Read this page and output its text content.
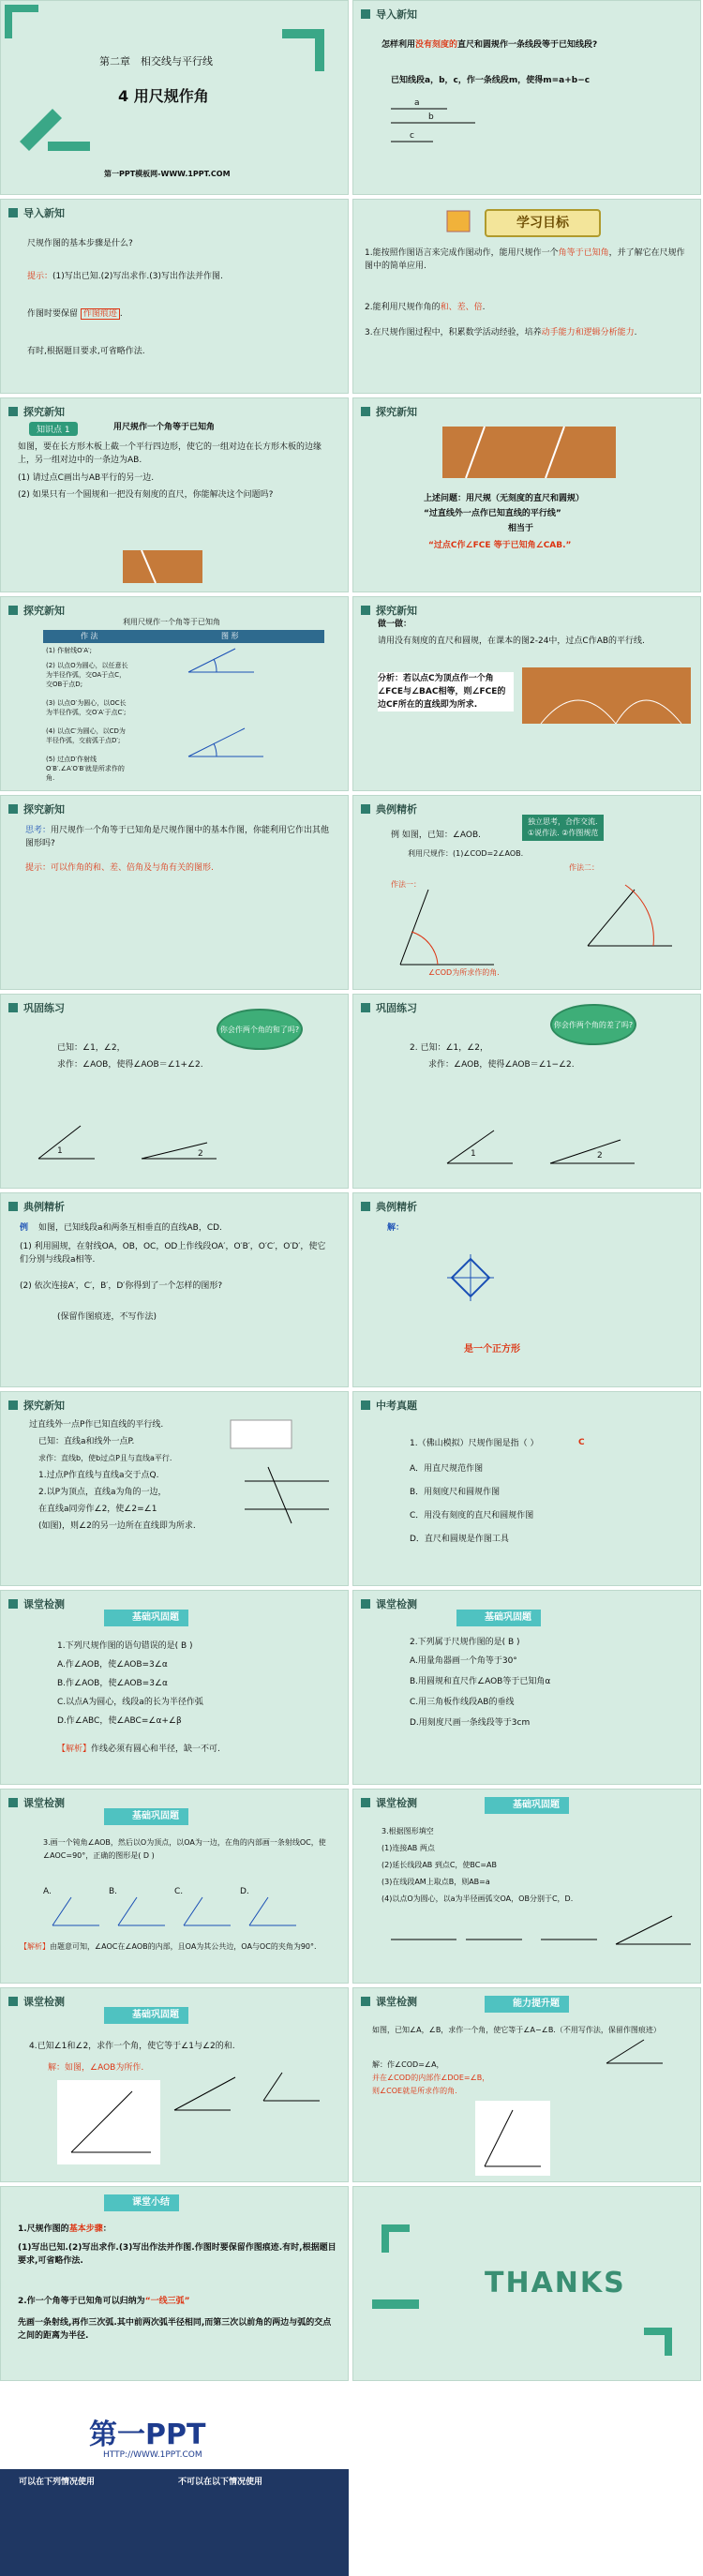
第二章　相交线与平行线
4 用尺规作角
第一PPT模板网-WWW.1PPT.COM
导入新知
怎样利用没有刻度的直尺和圆规作一条线段等于已知线段?
已知线段a，b，c，作一条线段m，使得m=a+b−c
a
b
c
导入新知
尺规作图的基本步骤是什么?
提示：(1)写出已知.(2)写出求作.(3)写出作法并作图.
作图时要保留 作图痕迹 .
有时,根据题目要求,可省略作法.
学习目标
1.能按照作图语言来完成作图动作，能用尺规作一个角等于已知角，并了解它在尺规作图中的简单应用.
2.能利用尺规作角的和、差、倍.
3.在尺规作图过程中，积累数学活动经验，培养动手能力和逻辑分析能力.
探究新知
知识点 1	用尺规作一个角等于已知角
如图，要在长方形木板上截一个平行四边形，使它的一组对边在长方形木板的边缘上，另一组对边中的一条边为AB.
(1) 请过点C画出与AB平行的另一边.
(2) 如果只有一个圆规和一把没有刻度的直尺，你能解决这个问题吗?
探究新知
上述问题：用尺规（无刻度的直尺和圆规）
“过直线外一点作已知直线的平行线”
相当于
“过点C作∠FCE 等于已知角∠CAB.”
探究新知
利用尺规作一个角等于已知角
作 法	图 形
(1) 作射线O′A′;
(2) 以点O为圆心，以任意长为半径作弧，交OA于点C，交OB于点D;
(3) 以点O′为圆心，以OC长为半径作弧，交O′A′于点C′;
(4) 以点C′为圆心，以CD为半径作弧，交前弧于点D′;
(5) 过点D′作射线O′B′.∠A′O′B′就是所求作的角.
探究新知
做一做：
请用没有刻度的直尺和圆规，在课本的图2-24中，过点C作AB的平行线.
分析：若以点C为顶点作一个角∠FCE与∠BAC相等，则∠FCE的边CF所在的直线即为所求.
探究新知
思考：用尺规作一个角等于已知角是尺规作图中的基本作图，你能利用它作出其他图形吗?
提示：可以作角的和、差、倍角及与角有关的图形.
典例精析
独立思考，合作交流.
①说作法. ②作图规范
例 如图，已知：∠AOB.
利用尺规作：(1)∠COD=2∠AOB.
作法一：
作法二：
∠COD为所求作的角.
巩固练习
你会作两个角的和了吗?
已知：∠1，∠2，
求作：∠AOB，使得∠AOB＝∠1+∠2.
1	2
巩固练习
你会作两个角的差了吗?
2. 已知：∠1，∠2，
求作：∠AOB，使得∠AOB＝∠1−∠2.
1	2
典例精析
例 如图，已知线段a和两条互相垂直的直线AB，CD.
(1) 利用圆规，在射线OA，OB，OC，OD上作线段OA′，O′B′，O′C′，O′D′，使它们分别与线段a相等.
(2) 依次连接A′，C′，B′，D′你得到了一个怎样的图形?
(保留作图痕迹，不写作法)
典例精析
解：
是一个正方形
探究新知
过直线外一点P作已知直线的平行线.
已知：直线a和线外一点P.
求作：直线b，使b过点P且与直线a平行.
1.过点P作直线与直线a交于点Q.
2.以P为顶点，直线a为角的一边，
在直线a同旁作∠2，使∠2=∠1
(如图)，则∠2的另一边所在直线即为所求.
中考真题
1.（佛山模拟）尺规作图是指（ ）	C
A．用直尺规范作图
B．用刻度尺和圆规作图
C．用没有刻度的直尺和圆规作图
D．直尺和圆规是作图工具
课堂检测
基础巩固题
1.下列尺规作图的语句错误的是( B )
A.作∠AOB，使∠AOB=3∠α
B.作∠AOB，使∠AOB=3∠α
C.以点A为圆心，线段a的长为半径作弧
D.作∠ABC，使∠ABC=∠α+∠β
【解析】作线必须有圆心和半径，缺一不可.
课堂检测
基础巩固题
2.下列属于尺规作图的是( B )
A.用量角器画一个角等于30°
B.用圆规和直尺作∠AOB等于已知角α
C.用三角板作线段AB的垂线
D.用刻度尺画一条线段等于3cm
课堂检测
基础巩固题
3.画一个钝角∠AOB，然后以O为顶点，以OA为一边，在角的内部画一条射线OC，使∠AOC=90°，正确的图形是( D )
A.	B.	C.	D.
【解析】由题意可知，∠AOC在∠AOB的内部，且OA为其公共边，OA与OC的夹角为90°.
课堂检测	基础巩固题
3.根据图形填空
(1)连接AB 两点
(2)延长线段AB 到点C，使BC=AB
(3)在线段AM上取点B，则AB=a
(4)以点O为圆心，以a为半径画弧交OA，OB分别于C，D.
课堂检测
基础巩固题
4.已知∠1和∠2，求作一个角，使它等于∠1与∠2的和.
解：如图，∠AOB为所作.
课堂检测	能力提升题
如图，已知∠A，∠B，求作一个角，使它等于∠A−∠B.（不用写作法，保留作图痕迹）
解：作∠COD=∠A，
并在∠COD的内部作∠DOE=∠B，
则∠COE就是所求作的角.
课堂小结
1.尺规作图的基本步骤：
(1)写出已知.(2)写出求作.(3)写出作法并作图.作图时要保留作图痕迹.有时,根据题目要求,可省略作法.
2.作一个角等于已知角可以归纳为“一线三弧”
先画一条射线,再作三次弧.其中前两次弧半径相同,而第三次以前角的两边与弧的交点之间的距离为半径.
THANKS
第一PPT
HTTP://WWW.1PPT.COM
可以在下列情况使用	不可以在以下情况使用
